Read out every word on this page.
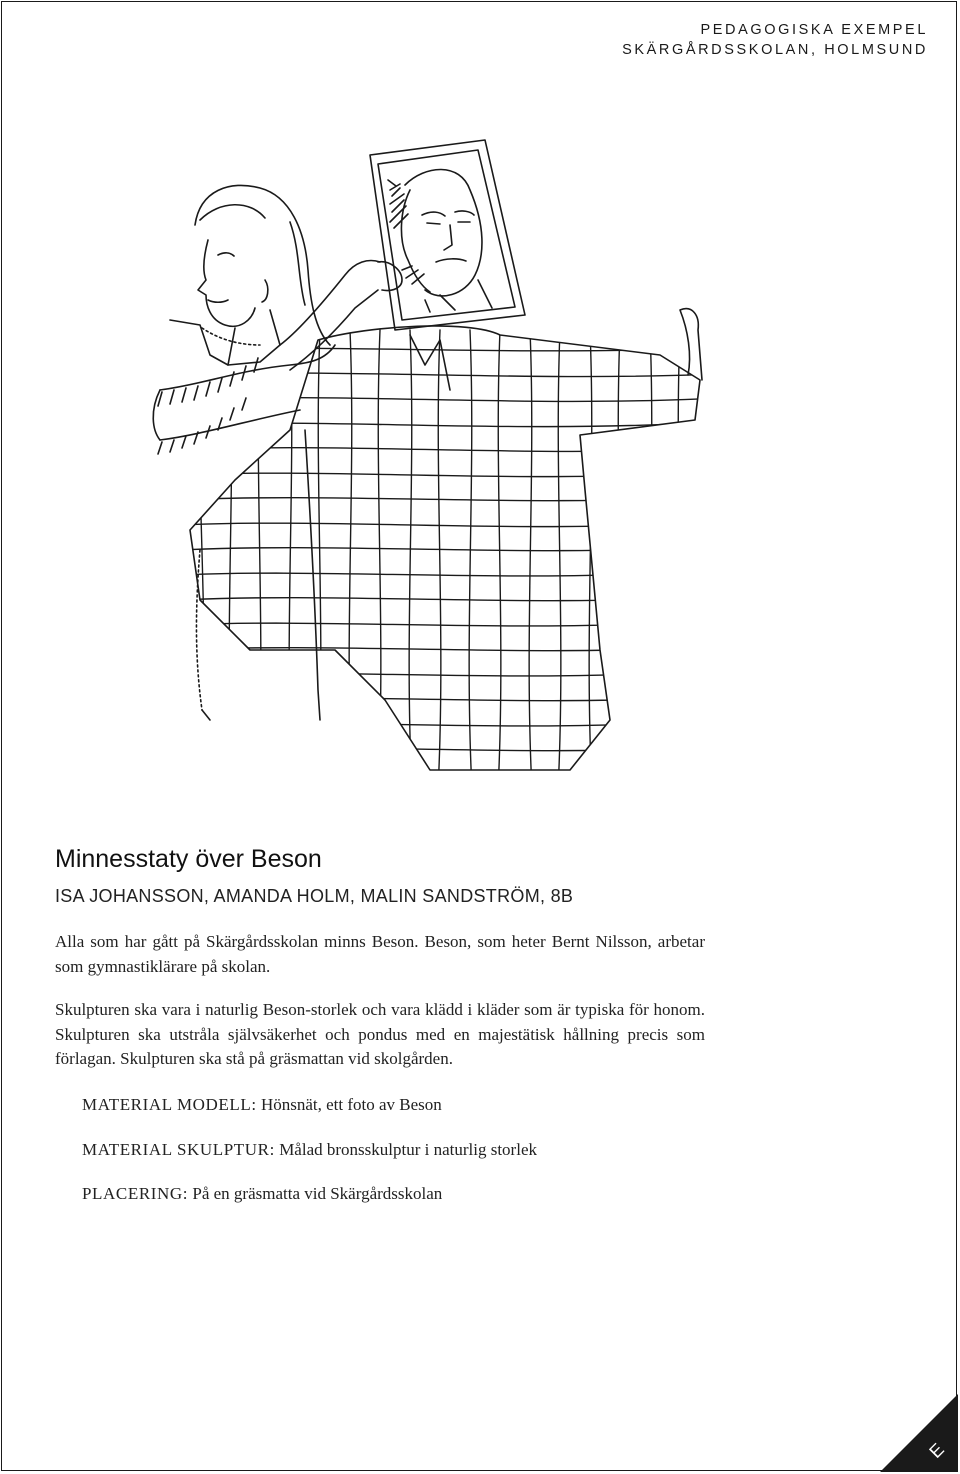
PEDAGOGISKA EXEMPEL
SKÄRGÅRDSSKOLAN, HOLMSUND
Minnesstaty över Beson
ISA JOHANSSON, AMANDA HOLM, MALIN SANDSTRÖM, 8B

Alla som har gått på Skärgårdsskolan minns Beson. Beson, som heter Bernt Nilsson, arbetar som gymnastiklärare på skolan.

Skulpturen ska vara i naturlig Beson-storlek och vara klädd i kläder som är typiska för honom. Skulpturen ska utstråla självsäkerhet och pondus med en majestätisk hållning precis som förlagan. Skulpturen ska stå på gräsmattan vid skolgården.

MATERIAL MODELL: Hönsnät, ett foto av Beson
MATERIAL SKULPTUR: Målad bronsskulptur i naturlig storlek
PLACERING: På en gräsmatta vid Skärgårdsskolan
E
